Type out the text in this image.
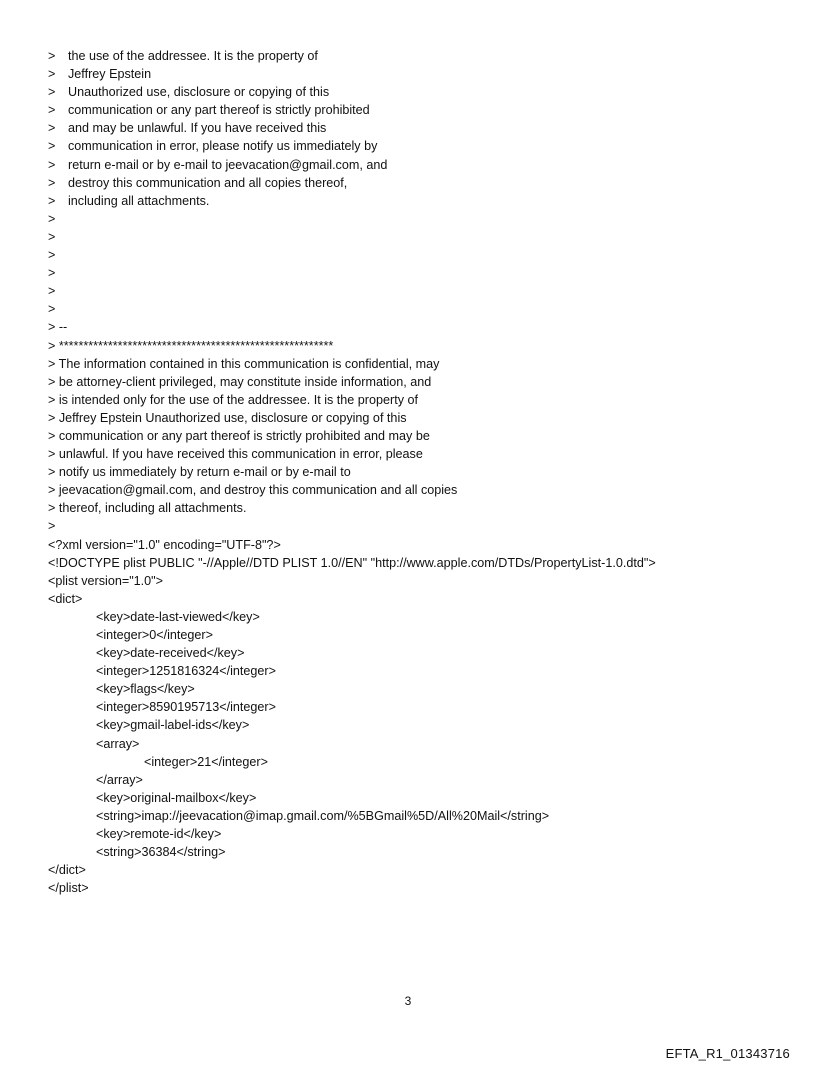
> the use of the addressee. It is the property of
> Jeffrey Epstein
> Unauthorized use, disclosure or copying of this
> communication or any part thereof is strictly prohibited
> and may be unlawful. If you have received this
> communication in error, please notify us immediately by
> return e-mail or by e-mail to jeevacation@gmail.com, and
> destroy this communication and all copies thereof,
> including all attachments.
>
>
>
>
>
>
> --
> ********************************************************
> The information contained in this communication is confidential, may
> be attorney-client privileged, may constitute inside information, and
> is intended only for the use of the addressee. It is the property of
> Jeffrey Epstein Unauthorized use, disclosure or copying of this
> communication or any part thereof is strictly prohibited and may be
> unlawful. If you have received this communication in error, please
> notify us immediately by return e-mail or by e-mail to
> jeevacation@gmail.com, and destroy this communication and all copies
> thereof, including all attachments.
>
<?xml version="1.0" encoding="UTF-8"?>
<!DOCTYPE plist PUBLIC "-//Apple//DTD PLIST 1.0//EN" "http://www.apple.com/DTDs/PropertyList-1.0.dtd">
<plist version="1.0">
<dict>
<key>date-last-viewed</key>
<integer>0</integer>
<key>date-received</key>
<integer>1251816324</integer>
<key>flags</key>
<integer>8590195713</integer>
<key>gmail-label-ids</key>
<array>
<integer>21</integer>
</array>
<key>original-mailbox</key>
<string>imap://jeevacation@imap.gmail.com/%5BGmail%5D/All%20Mail</string>
<key>remote-id</key>
<string>36384</string>
</dict>
</plist>
3
EFTA_R1_01343716
